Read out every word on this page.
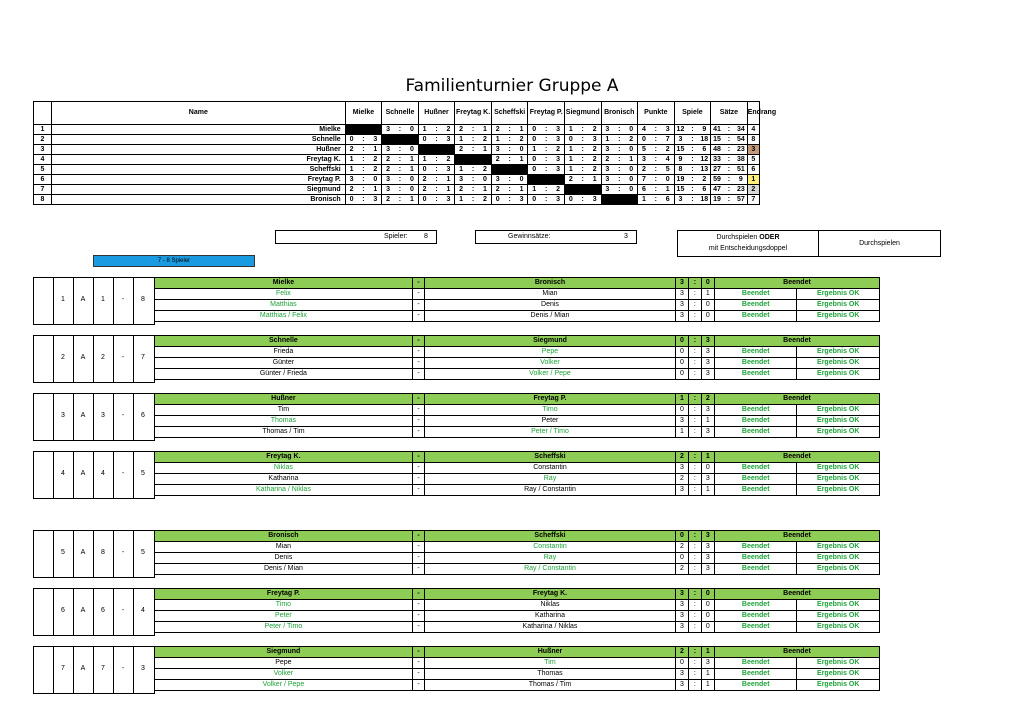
Familienturnier Gruppe A
	Name	Mielke			Schnelle			Hußner			Freytag K.			Scheffski			Freytag P.			Siegmund			Bronisch			Punkte			Spiele			Sätze			Endrang
1	Mielke				3	:	0	1	:	2	2	:	1	2	:	1	0	:	3	1	:	2	3	:	0	4	:	3	12	:	9	41	:	34	4
2	Schnelle	0	:	3				0	:	3	1	:	2	1	:	2	0	:	3	0	:	3	1	:	2	0	:	7	3	:	18	15	:	54	8
3	Hußner	2	:	1	3	:	0				2	:	1	3	:	0	1	:	2	1	:	2	3	:	0	5	:	2	15	:	6	48	:	23	3
4	Freytag K.	1	:	2	2	:	1	1	:	2				2	:	1	0	:	3	1	:	2	2	:	1	3	:	4	9	:	12	33	:	38	5
5	Scheffski	1	:	2	2	:	1	0	:	3	1	:	2				0	:	3	1	:	2	3	:	0	2	:	5	8	:	13	27	:	51	6
6	Freytag P.	3	:	0	3	:	0	2	:	1	3	:	0	3	:	0				2	:	1	3	:	0	7	:	0	19	:	2	59	:	9	1
7	Siegmund	2	:	1	3	:	0	2	:	1	2	:	1	2	:	1	1	:	2				3	:	0	6	:	1	15	:	6	47	:	23	2
8	Bronisch	0	:	3	2	:	1	0	:	3	1	:	2	0	:	3	0	:	3	0	:	3				1	:	6	3	:	18	19	:	57	7
Spieler: 8	Gewinnsätze:	3	Durchspielen ODER
mit Entscheidungsdoppel
Durchspielen
7 - 8 Spieler
1	A	1	-	8
Mielke	-	Bronisch	3	:	0	Beendet	
Felix	-	Mian	3	:	1	Beendet	Ergebnis OK
Matthias	-	Denis	3	:	0	Beendet	Ergebnis OK
Matthias / Felix	-	Denis / Mian	3	:	0	Beendet	Ergebnis OK
2	A	2	-	7
Schnelle	-	Siegmund	0	:	3	Beendet	
Frieda	-	Pepe	0	:	3	Beendet	Ergebnis OK
Günter	-	Volker	0	:	3	Beendet	Ergebnis OK
Günter / Frieda	-	Volker / Pepe	0	:	3	Beendet	Ergebnis OK
3	A	3	-	6
Hußner	-	Freytag P.	1	:	2	Beendet	
Tim	-	Timo	0	:	3	Beendet	Ergebnis OK
Thomas	-	Peter	3	:	1	Beendet	Ergebnis OK
Thomas / Tim	-	Peter / Timo	1	:	3	Beendet	Ergebnis OK
4	A	4	-	5
Freytag K.	-	Scheffski	2	:	1	Beendet	
Niklas	-	Constantin	3	:	0	Beendet	Ergebnis OK
Katharina	-	Ray	2	:	3	Beendet	Ergebnis OK
Katharina / Niklas	-	Ray / Constantin	3	:	1	Beendet	Ergebnis OK
5	A	8	-	5
Bronisch	-	Scheffski	0	:	3	Beendet	
Mian	-	Constantin	2	:	3	Beendet	Ergebnis OK
Denis	-	Ray	0	:	3	Beendet	Ergebnis OK
Denis / Mian	-	Ray / Constantin	2	:	3	Beendet	Ergebnis OK
6	A	6	-	4
Freytag P.	-	Freytag K.	3	:	0	Beendet	
Timo	-	Niklas	3	:	0	Beendet	Ergebnis OK
Peter	-	Katharina	3	:	0	Beendet	Ergebnis OK
Peter / Timo	-	Katharina / Niklas	3	:	0	Beendet	Ergebnis OK
7	A	7	-	3
Siegmund	-	Hußner	2	:	1	Beendet	
Pepe	-	Tim	0	:	3	Beendet	Ergebnis OK
Volker	-	Thomas	3	:	1	Beendet	Ergebnis OK
Volker / Pepe	-	Thomas / Tim	3	:	1	Beendet	Ergebnis OK
